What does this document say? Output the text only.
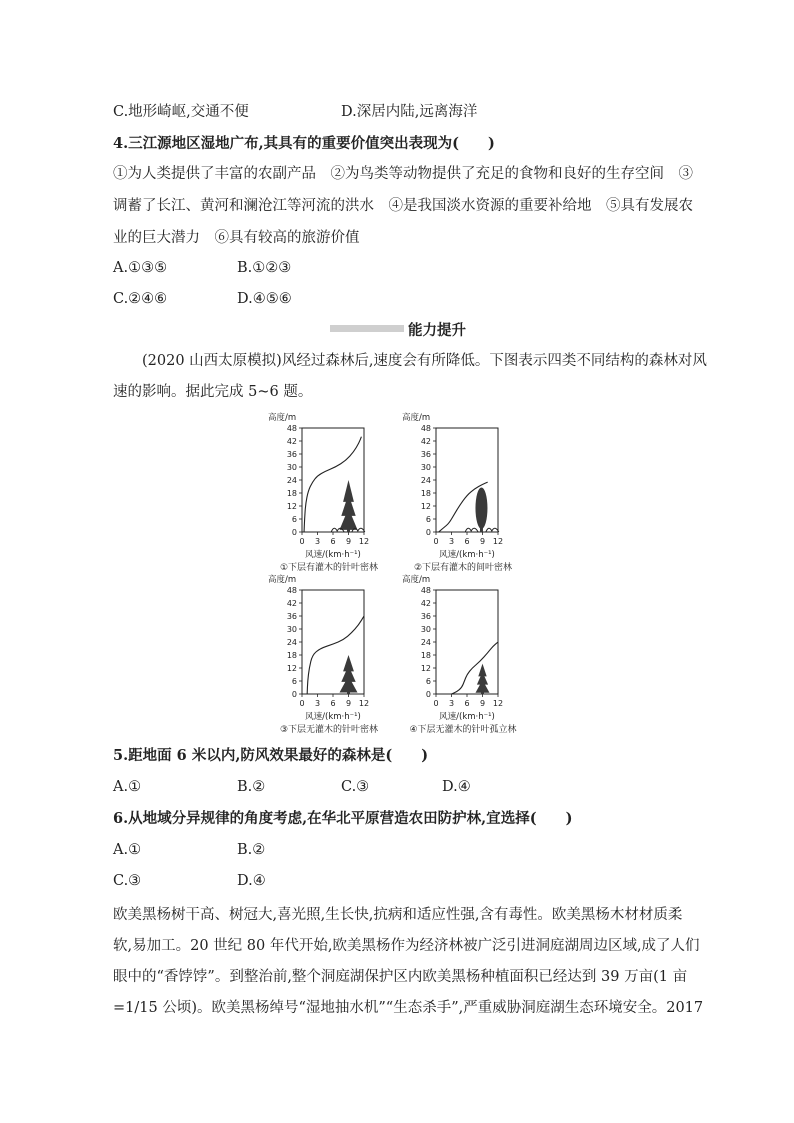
C.地形崎岖,交通不便	D.深居内陆,远离海洋
4.三江源地区湿地广布,其具有的重要价值突出表现为(　　)
①为人类提供了丰富的农副产品　②为鸟类等动物提供了充足的食物和良好的生存空间　③
调蓄了长江、黄河和澜沧江等河流的洪水　④是我国淡水资源的重要补给地　⑤具有发展农
业的巨大潜力　⑥具有较高的旅游价值
A.①③⑤	B.①②③
C.②④⑥	D.④⑤⑥
能力提升
(2020 山西太原模拟)风经过森林后,速度会有所降低。下图表示四类不同结构的森林对风
速的影响。据此完成 5~6 题。
高度/m
0
6
12
18
24
30
36
42
48
0 3 6 9 12
风速/(km·h⁻¹)
①下层有灌木的针叶密林
高度/m
0
6
12
18
24
30
36
42
48
0 3 6 9 12
风速/(km·h⁻¹)
②下层有灌木的间叶密林
高度/m
0
6
12
18
24
30
36
42
48
0 3 6 9 12
风速/(km·h⁻¹)
③下层无灌木的针叶密林
高度/m
0
6
12
18
24
30
36
42
48
0 3 6 9 12
风速/(km·h⁻¹)
④下层无灌木的针叶孤立林
5.距地面 6 米以内,防风效果最好的森林是(　　)
A.①	B.②	C.③	D.④
6.从地域分异规律的角度考虑,在华北平原营造农田防护林,宜选择(　　)
A.①	B.②
C.③	D.④
欧美黑杨树干高、树冠大,喜光照,生长快,抗病和适应性强,含有毒性。欧美黑杨木材材质柔
软,易加工。20 世纪 80 年代开始,欧美黑杨作为经济林被广泛引进洞庭湖周边区域,成了人们
眼中的“香饽饽”。到整治前,整个洞庭湖保护区内欧美黑杨种植面积已经达到 39 万亩(1 亩
=1/15 公顷)。欧美黑杨绰号“湿地抽水机”“生态杀手”,严重威胁洞庭湖生态环境安全。2017
